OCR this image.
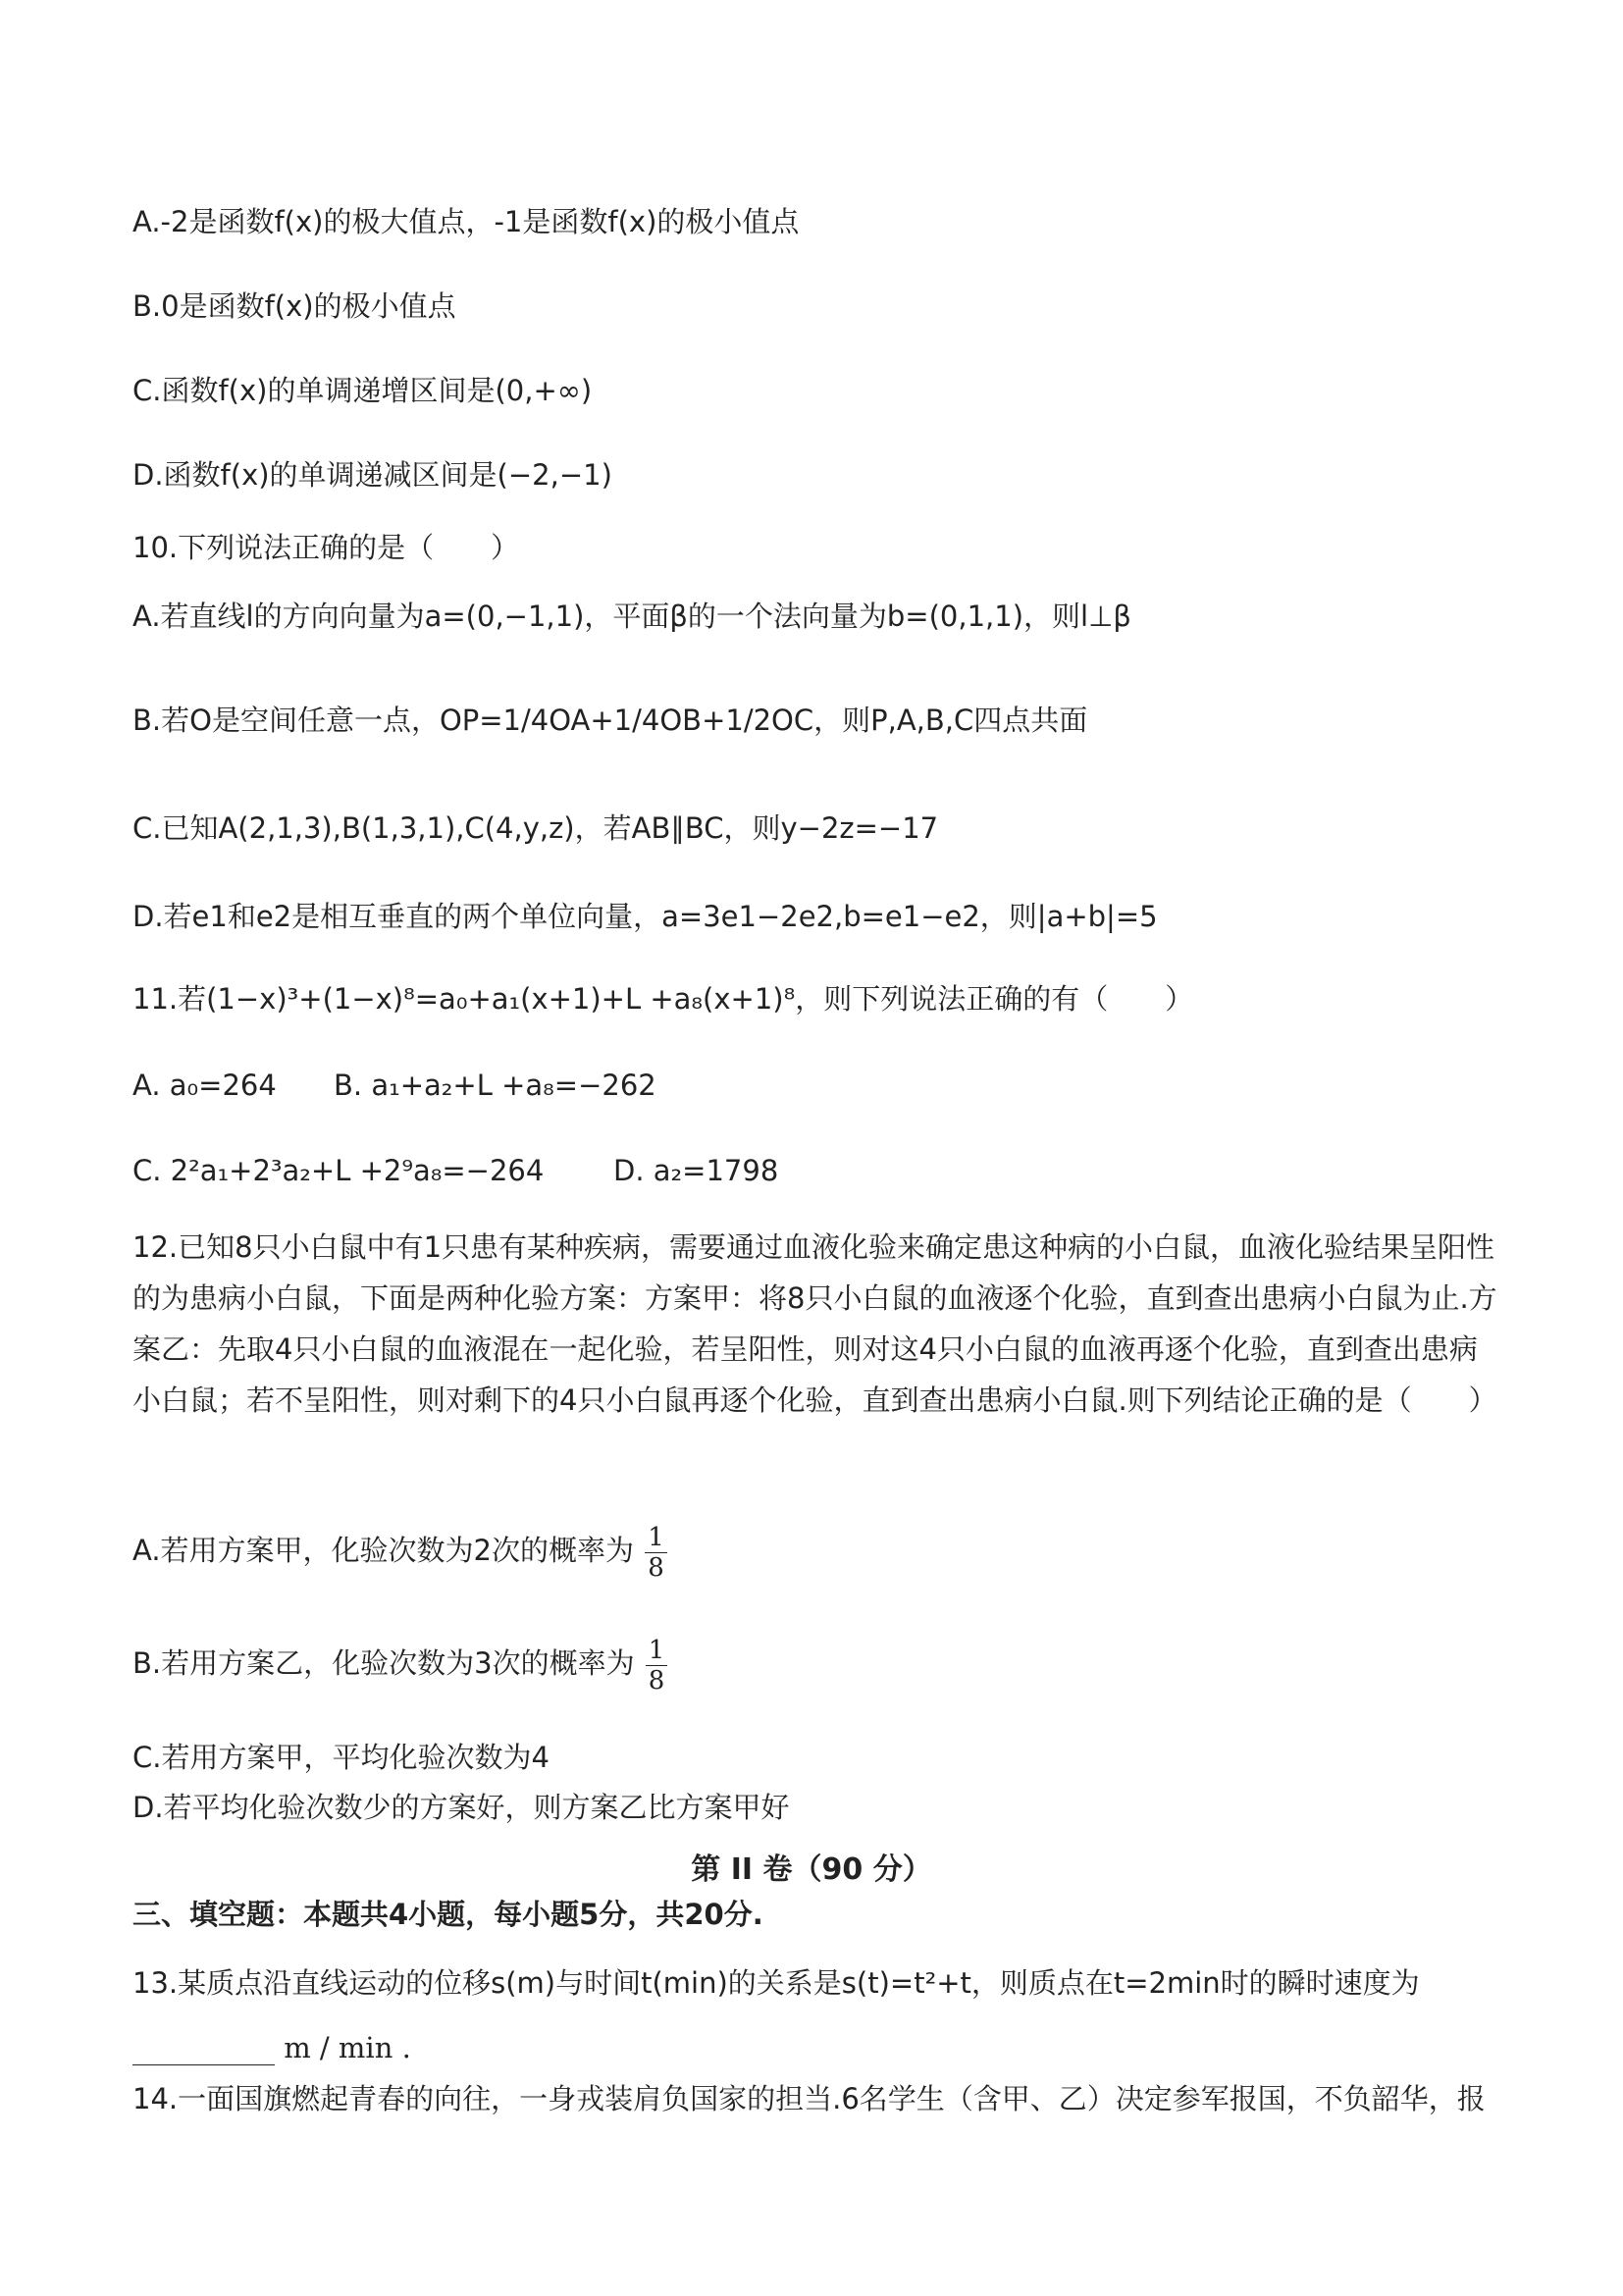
A.-2是函数f(x)的极大值点，-1是函数f(x)的极小值点
B.0是函数f(x)的极小值点
C.函数f(x)的单调递增区间是(0,+∞)
D.函数f(x)的单调递减区间是(−2,−1)
10.下列说法正确的是（　　）
A.若直线l的方向向量为a=(0,−1,1)，平面β的一个法向量为b=(0,1,1)，则l⊥β
B.若O是空间任意一点，OP=1/4OA+1/4OB+1/2OC，则P,A,B,C四点共面
C.已知A(2,1,3),B(1,3,1),C(4,y,z)，若AB∥BC，则y−2z=−17
D.若e1和e2是相互垂直的两个单位向量，a=3e1−2e2,b=e1−e2，则|a+b|=5
11.若(1−x)³+(1−x)⁸=a₀+a₁(x+1)+L +a₈(x+1)⁸，则下列说法正确的有（　　）
A. a₀=264 B. a₁+a₂+L +a₈=−262
C. 2²a₁+2³a₂+L +2⁹a₈=−264 D. a₂=1798
12.已知8只小白鼠中有1只患有某种疾病，需要通过血液化验来确定患这种病的小白鼠，血液化验结果呈阳性的为患病小白鼠，下面是两种化验方案：方案甲：将8只小白鼠的血液逐个化验，直到查出患病小白鼠为止.方案乙：先取4只小白鼠的血液混在一起化验，若呈阳性，则对这4只小白鼠的血液再逐个化验，直到查出患病小白鼠；若不呈阳性，则对剩下的4只小白鼠再逐个化验，直到查出患病小白鼠.则下列结论正确的是（　　）
A.若用方案甲，化验次数为2次的概率为 $\frac{1}{8}$
B.若用方案乙，化验次数为3次的概率为 $\frac{1}{8}$
C.若用方案甲，平均化验次数为4
D.若平均化验次数少的方案好，则方案乙比方案甲好
第 II 卷（90 分）
三、填空题：本题共4小题，每小题5分，共20分.
13.某质点沿直线运动的位移s(m)与时间t(min)的关系是s(t)=t²+t，则质点在t=2min时的瞬时速度为
m / min .
14.一面国旗燃起青春的向往，一身戎装肩负国家的担当.6名学生（含甲、乙）决定参军报国，不负韶华，报
